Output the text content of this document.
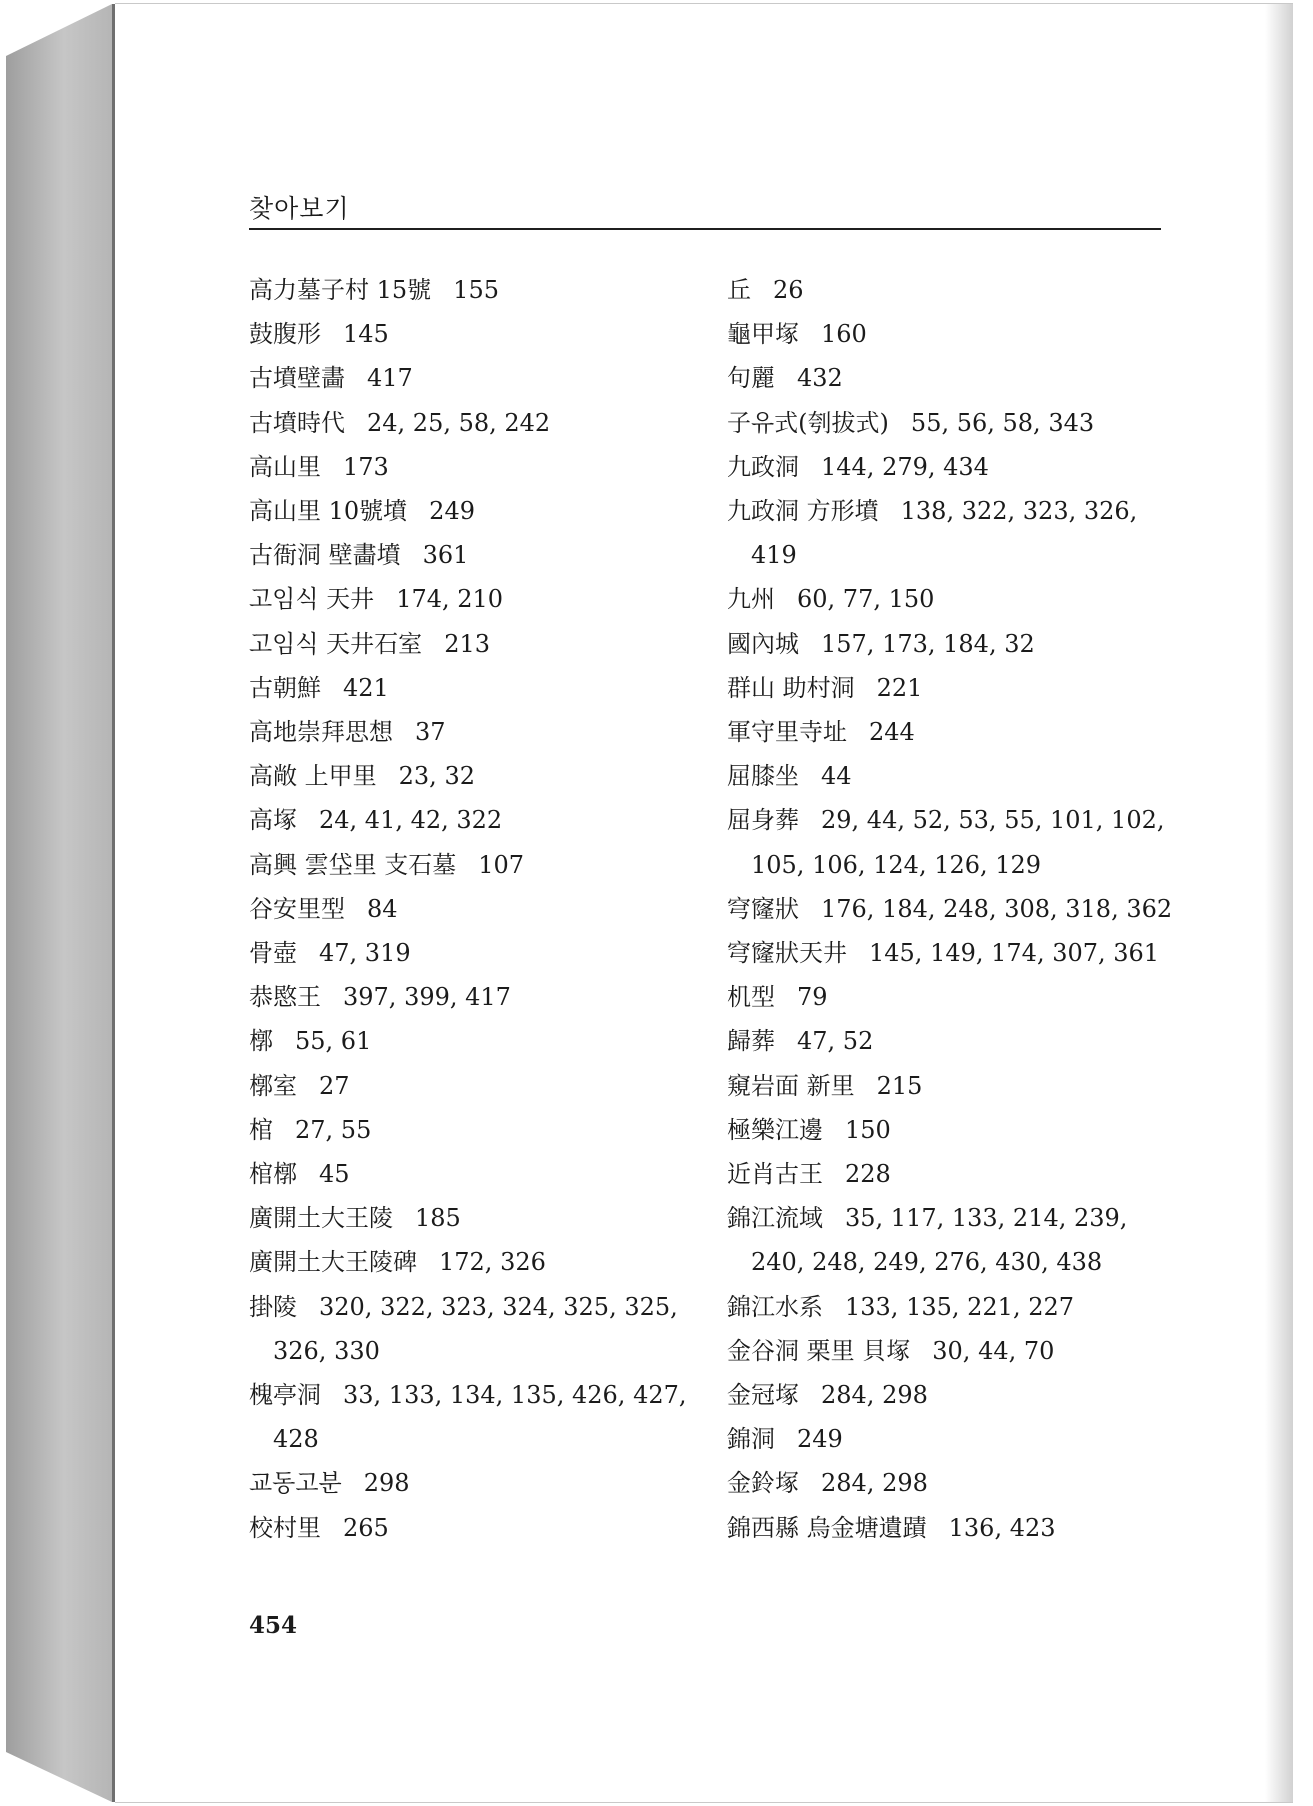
찾아보기
高力墓子村 15號 155
鼓腹形 145
古墳壁畵 417
古墳時代 24, 25, 58, 242
高山里 173
高山里 10號墳 249
古衙洞 壁畵墳 361
고임식 天井 174, 210
고임식 天井石室 213
古朝鮮 421
高地崇拜思想 37
高敞 上甲里 23, 32
高塚 24, 41, 42, 322
高興 雲垈里 支石墓 107
谷安里型 84
骨壺 47, 319
恭愍王 397, 399, 417
槨 55, 61
槨室 27
棺 27, 55
棺槨 45
廣開土大王陵 185
廣開土大王陵碑 172, 326
掛陵 320, 322, 323, 324, 325, 325,
326, 330
槐亭洞 33, 133, 134, 135, 426, 427,
428
교동고분 298
校村里 265
丘 26
龜甲塚 160
句麗 432
子유式(刳拔式) 55, 56, 58, 343
九政洞 144, 279, 434
九政洞 方形墳 138, 322, 323, 326,
419
九州 60, 77, 150
國內城 157, 173, 184, 32
群山 助村洞 221
軍守里寺址 244
屈膝坐 44
屈身葬 29, 44, 52, 53, 55, 101, 102,
105, 106, 124, 126, 129
穹窿狀 176, 184, 248, 308, 318, 362
穹窿狀天井 145, 149, 174, 307, 361
机型 79
歸葬 47, 52
窺岩面 新里 215
極樂江邊 150
近肖古王 228
錦江流域 35, 117, 133, 214, 239,
240, 248, 249, 276, 430, 438
錦江水系 133, 135, 221, 227
金谷洞 栗里 貝塚 30, 44, 70
金冠塚 284, 298
錦洞 249
金鈴塚 284, 298
錦西縣 烏金塘遺蹟 136, 423
454
